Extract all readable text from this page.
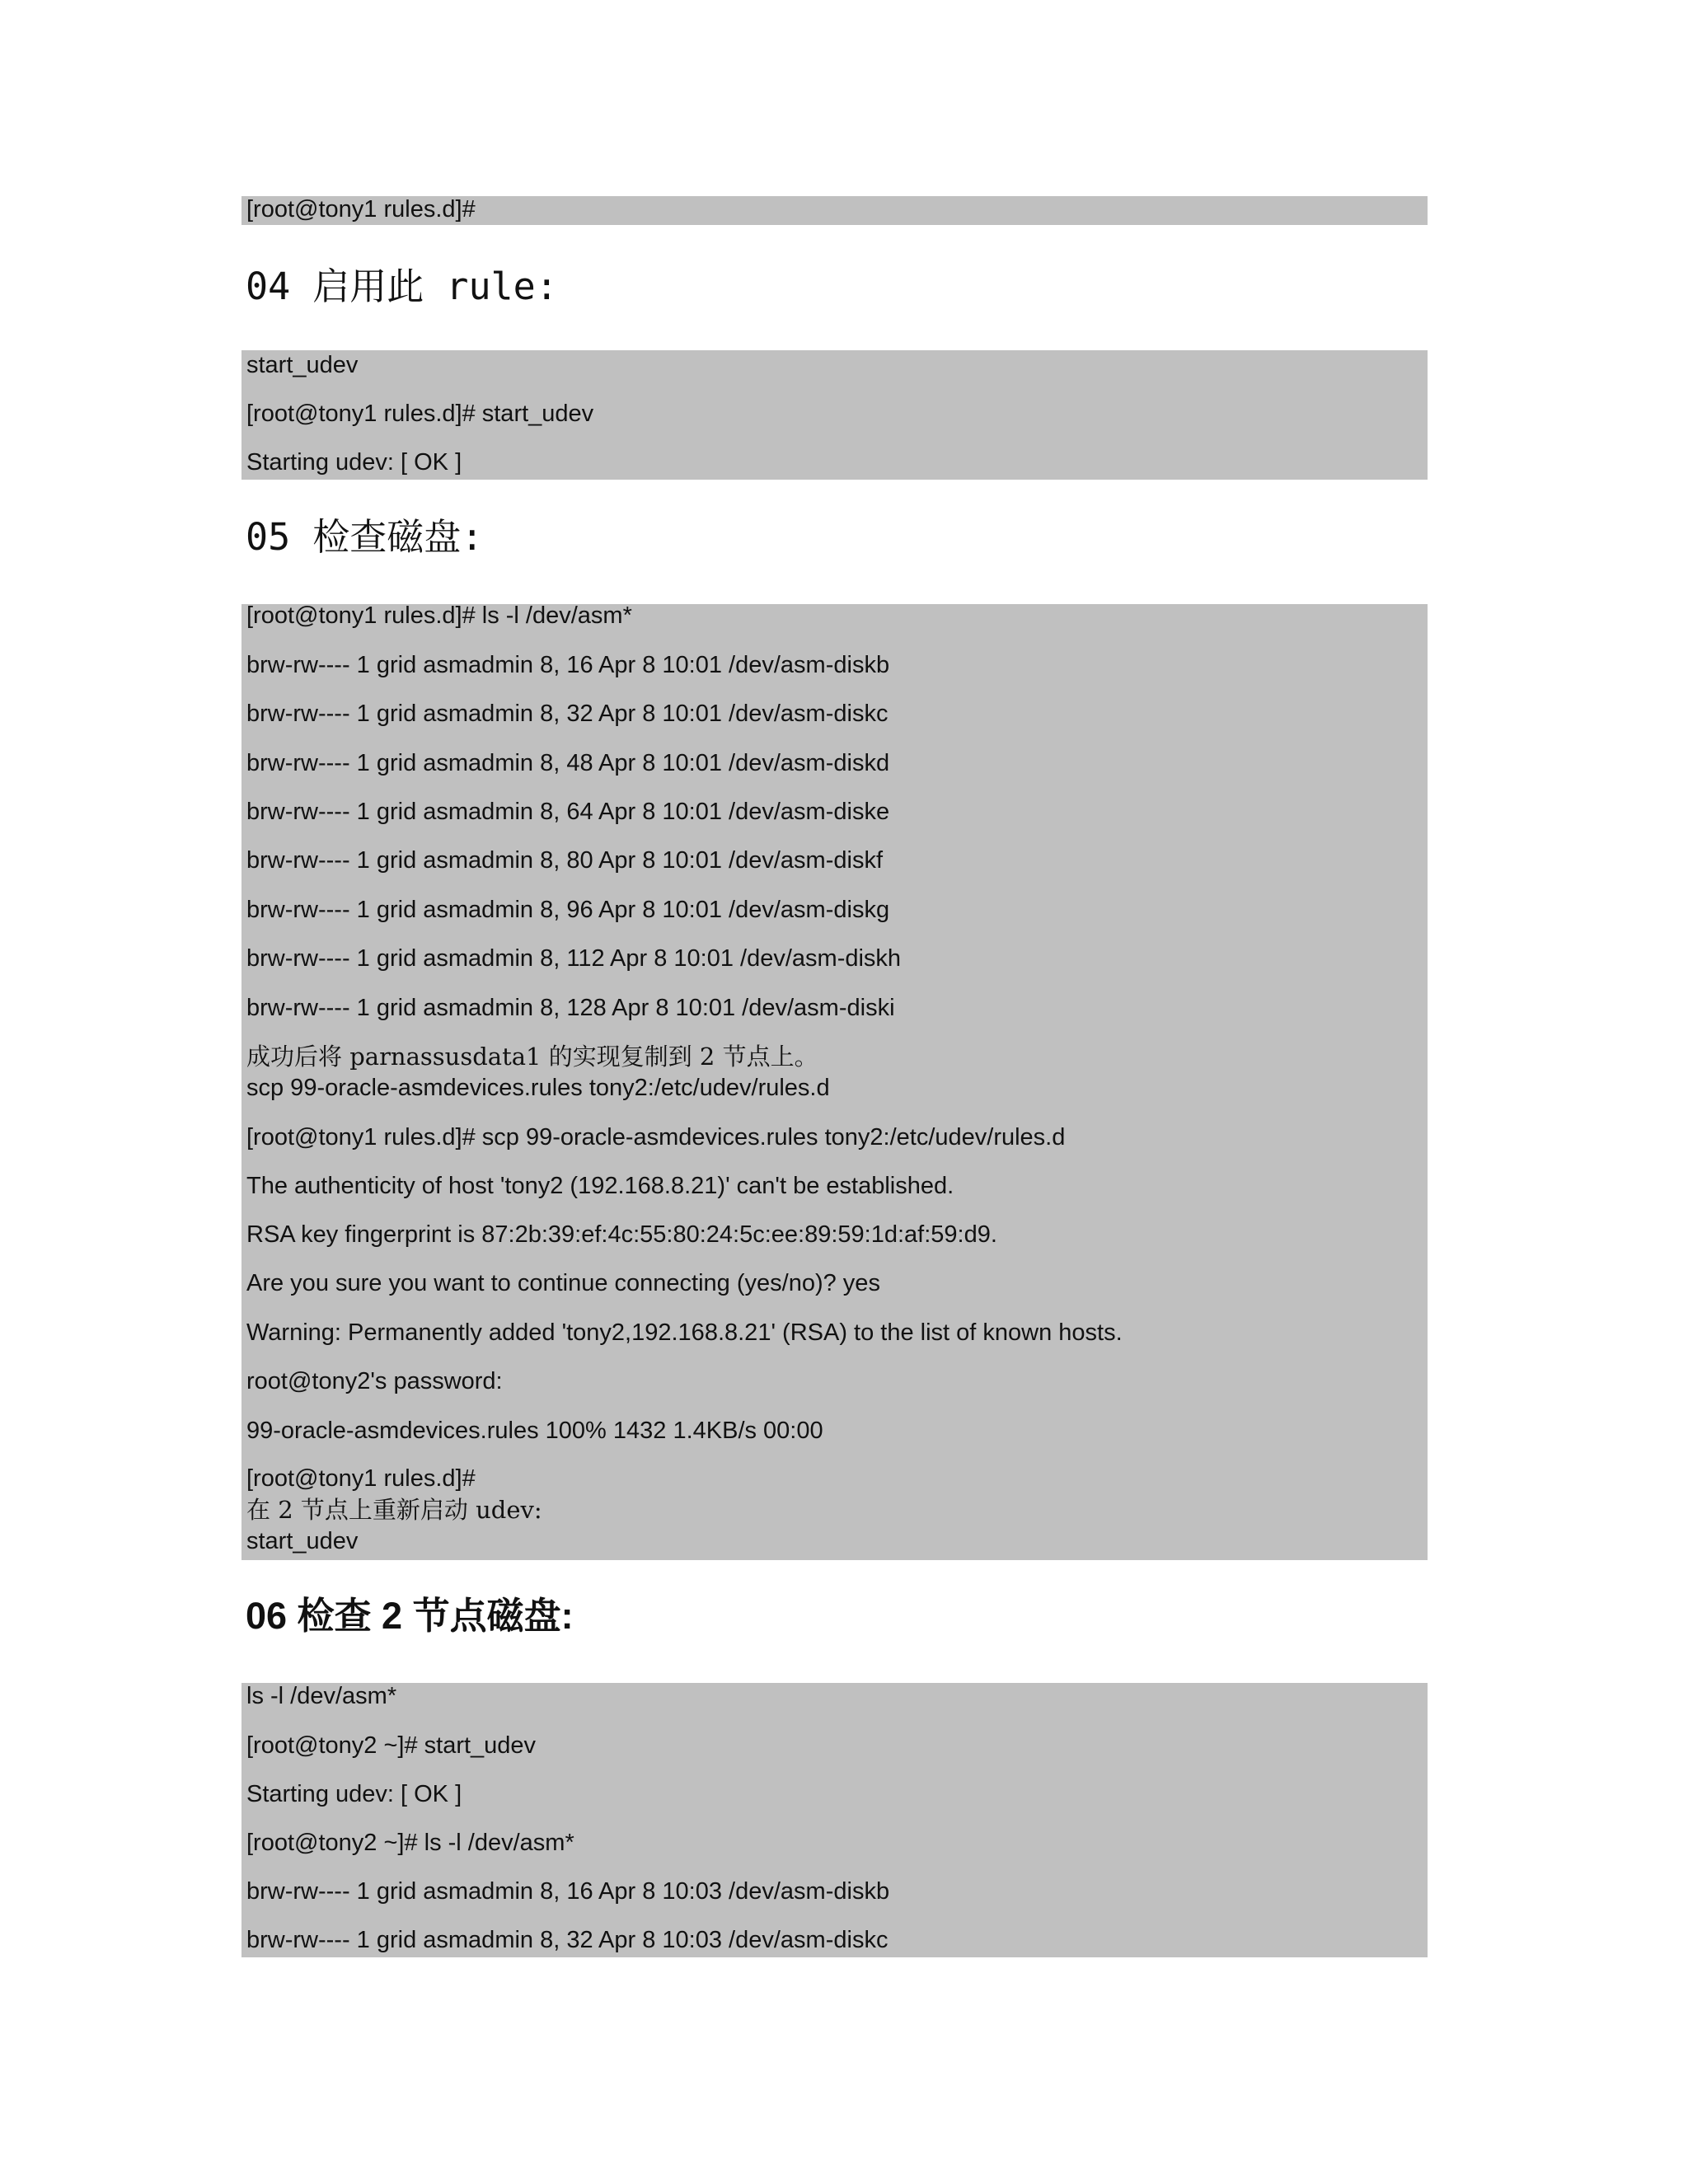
[root@tony1 rules.d]#
04 启用此 rule:
start_udev
[root@tony1 rules.d]# start_udev
Starting udev: [ OK ]
05 检查磁盘:
[root@tony1 rules.d]# ls -l /dev/asm*
brw-rw---- 1 grid asmadmin 8, 16 Apr 8 10:01 /dev/asm-diskb
brw-rw---- 1 grid asmadmin 8, 32 Apr 8 10:01 /dev/asm-diskc
brw-rw---- 1 grid asmadmin 8, 48 Apr 8 10:01 /dev/asm-diskd
brw-rw---- 1 grid asmadmin 8, 64 Apr 8 10:01 /dev/asm-diske
brw-rw---- 1 grid asmadmin 8, 80 Apr 8 10:01 /dev/asm-diskf
brw-rw---- 1 grid asmadmin 8, 96 Apr 8 10:01 /dev/asm-diskg
brw-rw---- 1 grid asmadmin 8, 112 Apr 8 10:01 /dev/asm-diskh
brw-rw---- 1 grid asmadmin 8, 128 Apr 8 10:01 /dev/asm-diski
成功后将 parnassusdata1 的实现复制到 2 节点上。
scp 99-oracle-asmdevices.rules tony2:/etc/udev/rules.d
[root@tony1 rules.d]# scp 99-oracle-asmdevices.rules tony2:/etc/udev/rules.d
The authenticity of host 'tony2 (192.168.8.21)' can't be established.
RSA key fingerprint is 87:2b:39:ef:4c:55:80:24:5c:ee:89:59:1d:af:59:d9.
Are you sure you want to continue connecting (yes/no)? yes
Warning: Permanently added 'tony2,192.168.8.21' (RSA) to the list of known hosts.
root@tony2's password:
99-oracle-asmdevices.rules 100% 1432 1.4KB/s 00:00
[root@tony1 rules.d]#
在 2 节点上重新启动 udev:
start_udev
06 检查 2 节点磁盘:
ls -l /dev/asm*
[root@tony2 ~]# start_udev
Starting udev: [ OK ]
[root@tony2 ~]# ls -l /dev/asm*
brw-rw---- 1 grid asmadmin 8, 16 Apr 8 10:03 /dev/asm-diskb
brw-rw---- 1 grid asmadmin 8, 32 Apr 8 10:03 /dev/asm-diskc
